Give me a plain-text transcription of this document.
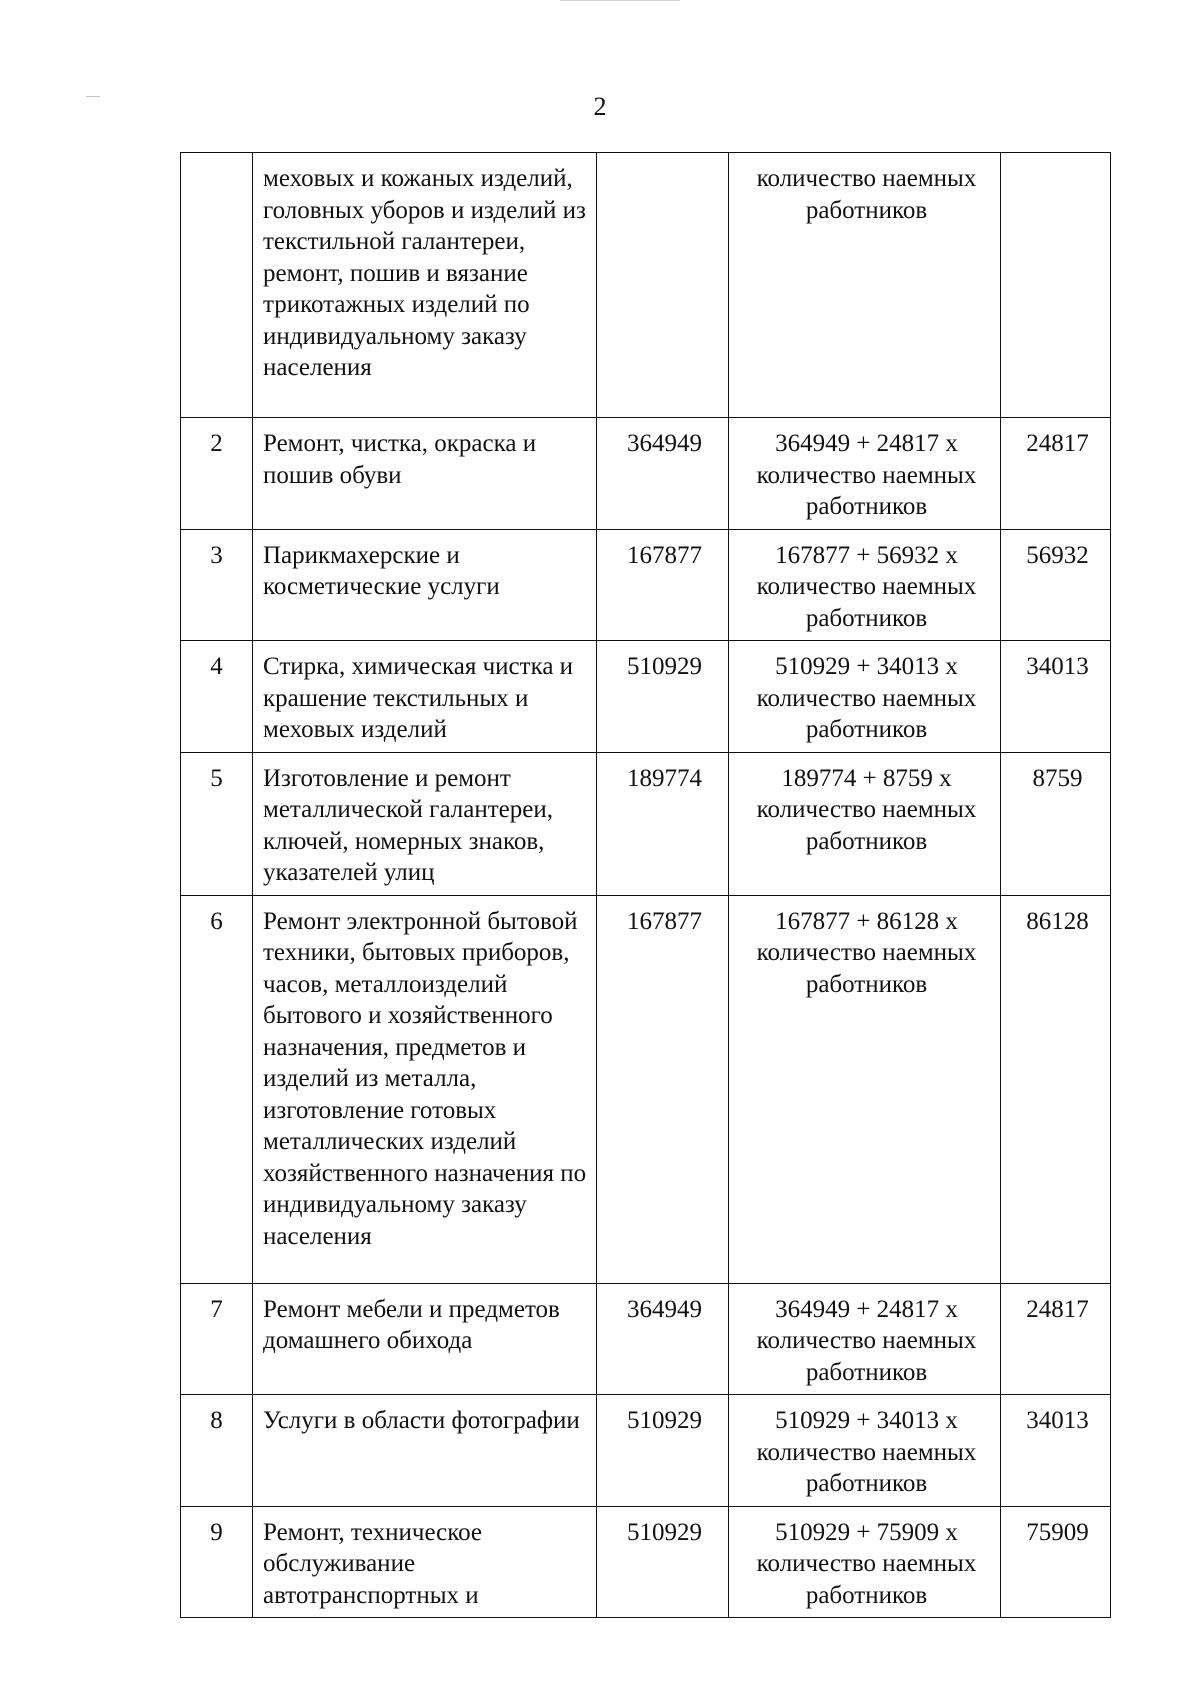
2
	меховых и кожаных изделий, головных уборов и изделий из текстильной галантереи, ремонт, пошив и вязание трикотажных изделий по индивидуальному заказу населения		количество наемных работников	
2	Ремонт, чистка, окраска и пошив обуви	364949	364949 + 24817 х количество наемных работников	24817
3	Парикмахерские и косметические услуги	167877	167877 + 56932 х количество наемных работников	56932
4	Стирка, химическая чистка и крашение текстильных и меховых изделий	510929	510929 + 34013 х количество наемных работников	34013
5	Изготовление и ремонт металлической галантереи, ключей, номерных знаков, указателей улиц	189774	189774 + 8759 х количество наемных работников	8759
6	Ремонт электронной бытовой техники, бытовых приборов, часов, металлоизделий бытового и хозяйственного назначения, предметов и изделий из металла, изготовление готовых металлических изделий хозяйственного назначения по индивидуальному заказу населения	167877	167877 + 86128 х количество наемных работников	86128
7	Ремонт мебели и предметов домашнего обихода	364949	364949 + 24817 х количество наемных работников	24817
8	Услуги в области фотографии	510929	510929 + 34013 х количество наемных работников	34013
9	Ремонт, техническое обслуживание автотранспортных и	510929	510929 + 75909 х количество наемных работников	75909
